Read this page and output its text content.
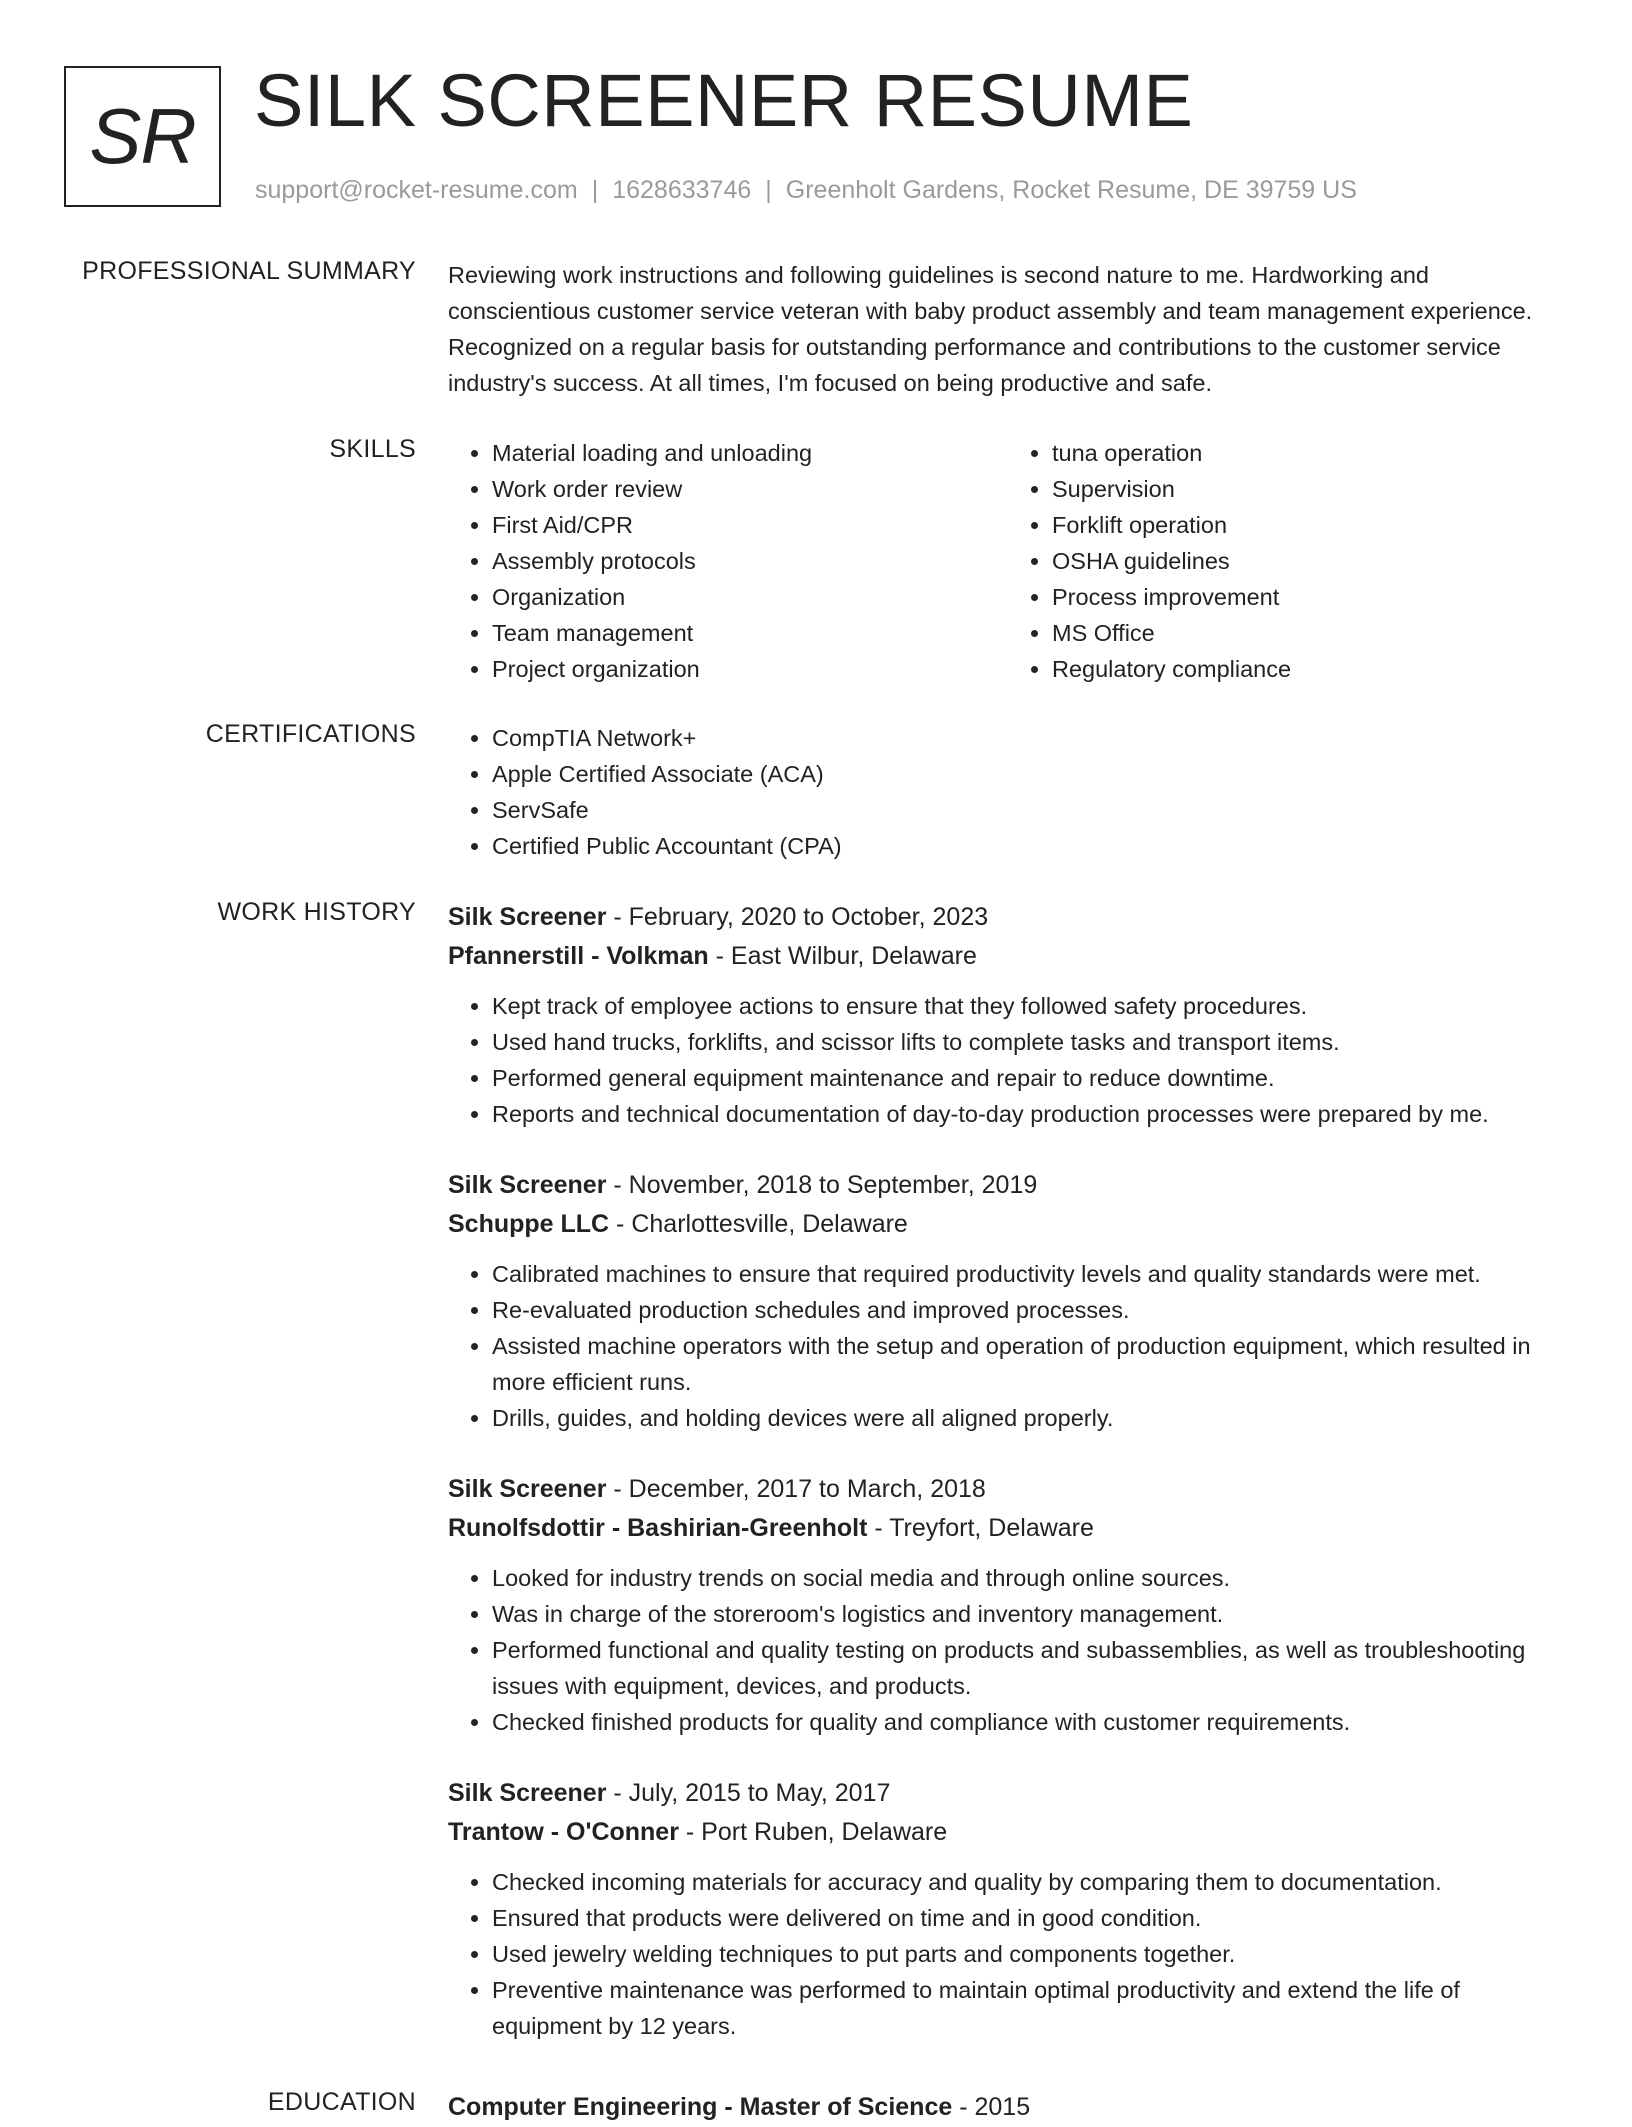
SR SILK SCREENER RESUME
support@rocket-resume.com | 1628633746 | Greenholt Gardens, Rocket Resume, DE 39759 US
PROFESSIONAL SUMMARY Reviewing work instructions and following guidelines is second nature to me. Hardworking and conscientious customer service veteran with baby product assembly and team management experience. Recognized on a regular basis for outstanding performance and contributions to the customer service industry's success. At all times, I'm focused on being productive and safe.

SKILLS	• Material loading and unloading
• Work order review
• First Aid/CPR
• Assembly protocols
• Organization
• Team management
• Project organization
• tuna operation
• Supervision
• Forklift operation
• OSHA guidelines
• Process improvement
• MS Office
• Regulatory compliance
CERTIFICATIONS	• CompTIA Network+
• Apple Certified Associate (ACA)
• ServSafe
• Certified Public Accountant (CPA)
WORK HISTORY Silk Screener - February, 2020 to October, 2023
Pfannerstill - Volkman - East Wilbur, Delaware
• Kept track of employee actions to ensure that they followed safety procedures.
• Used hand trucks, forklifts, and scissor lifts to complete tasks and transport items.
• Performed general equipment maintenance and repair to reduce downtime.
• Reports and technical documentation of day-to-day production processes were prepared by me.
Silk Screener - November, 2018 to September, 2019
Schuppe LLC - Charlottesville, Delaware
• Calibrated machines to ensure that required productivity levels and quality standards were met.
• Re-evaluated production schedules and improved processes.
• Assisted machine operators with the setup and operation of production equipment, which resulted in more efficient runs.
• Drills, guides, and holding devices were all aligned properly.
Silk Screener - December, 2017 to March, 2018
Runolfsdottir - Bashirian-Greenholt - Treyfort, Delaware
• Looked for industry trends on social media and through online sources.
• Was in charge of the storeroom's logistics and inventory management.
• Performed functional and quality testing on products and subassemblies, as well as troubleshooting issues with equipment, devices, and products.
• Checked finished products for quality and compliance with customer requirements.
Silk Screener - July, 2015 to May, 2017
Trantow - O'Conner - Port Ruben, Delaware
• Checked incoming materials for accuracy and quality by comparing them to documentation.
• Ensured that products were delivered on time and in good condition.
• Used jewelry welding techniques to put parts and components together.
• Preventive maintenance was performed to maintain optimal productivity and extend the life of equipment by 12 years.
EDUCATION Computer Engineering - Master of Science - 2015
